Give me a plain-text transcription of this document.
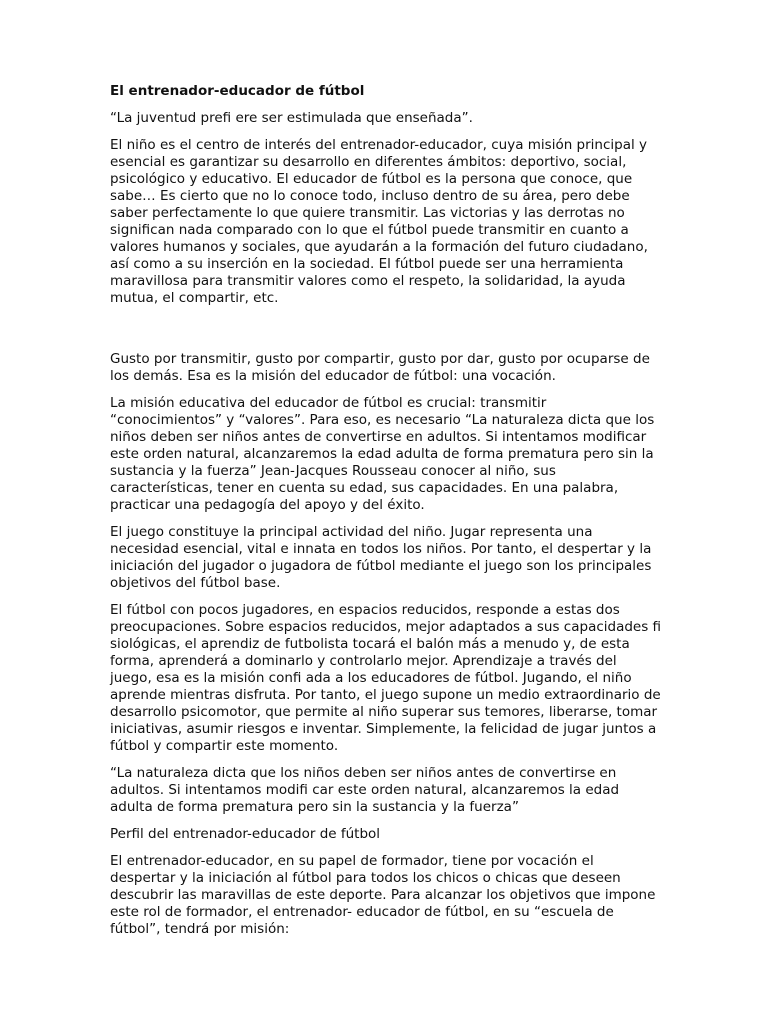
El entrenador-educador de fútbol

“La juventud prefi ere ser estimulada que enseñada”.

El niño es el centro de interés del entrenador-educador, cuya misión principal y esencial es garantizar su desarrollo en diferentes ámbitos: deportivo, social, psicológico y educativo. El educador de fútbol es la persona que conoce, que sabe… Es cierto que no lo conoce todo, incluso dentro de su área, pero debe saber perfectamente lo que quiere transmitir. Las victorias y las derrotas no significan nada comparado con lo que el fútbol puede transmitir en cuanto a valores humanos y sociales, que ayudarán a la formación del futuro ciudadano, así como a su inserción en la sociedad. El fútbol puede ser una herramienta maravillosa para transmitir valores como el respeto, la solidaridad, la ayuda mutua, el compartir, etc.

Gusto por transmitir, gusto por compartir, gusto por dar, gusto por ocuparse de los demás. Esa es la misión del educador de fútbol: una vocación.

La misión educativa del educador de fútbol es crucial: transmitir “conocimientos” y “valores”. Para eso, es necesario “La naturaleza dicta que los niños deben ser niños antes de convertirse en adultos. Si intentamos modificar este orden natural, alcanzaremos la edad adulta de forma prematura pero sin la sustancia y la fuerza” Jean-Jacques Rousseau conocer al niño, sus características, tener en cuenta su edad, sus capacidades. En una palabra, practicar una pedagogía del apoyo y del éxito.

El juego constituye la principal actividad del niño. Jugar representa una necesidad esencial, vital e innata en todos los niños. Por tanto, el despertar y la iniciación del jugador o jugadora de fútbol mediante el juego son los principales objetivos del fútbol base.

El fútbol con pocos jugadores, en espacios reducidos, responde a estas dos preocupaciones. Sobre espacios reducidos, mejor adaptados a sus capacidades fi siológicas, el aprendiz de futbolista tocará el balón más a menudo y, de esta forma, aprenderá a dominarlo y controlarlo mejor. Aprendizaje a través del juego, esa es la misión confi ada a los educadores de fútbol. Jugando, el niño aprende mientras disfruta. Por tanto, el juego supone un medio extraordinario de desarrollo psicomotor, que permite al niño superar sus temores, liberarse, tomar iniciativas, asumir riesgos e inventar. Simplemente, la felicidad de jugar juntos a fútbol y compartir este momento.

“La naturaleza dicta que los niños deben ser niños antes de convertirse en adultos. Si intentamos modifi car este orden natural, alcanzaremos la edad adulta de forma prematura pero sin la sustancia y la fuerza”

Perfil del entrenador-educador de fútbol

El entrenador-educador, en su papel de formador, tiene por vocación el despertar y la iniciación al fútbol para todos los chicos o chicas que deseen descubrir las maravillas de este deporte. Para alcanzar los objetivos que impone este rol de formador, el entrenador- educador de fútbol, en su “escuela de fútbol”, tendrá por misión:
